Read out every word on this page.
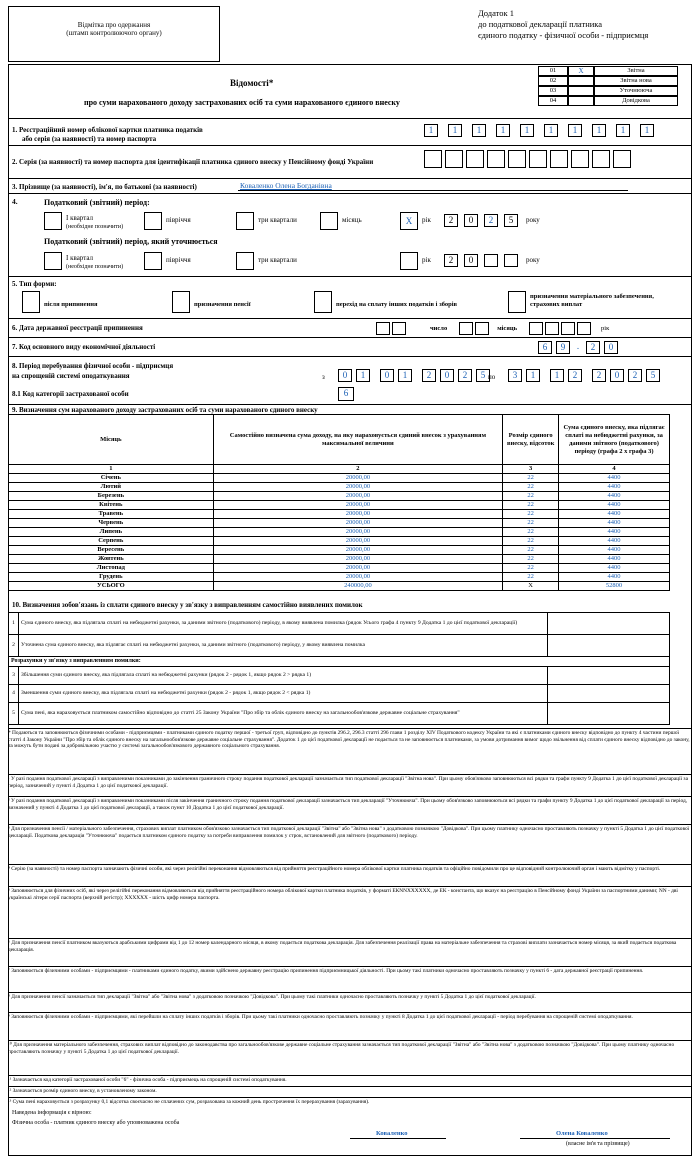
Відмітка про одержання
(штамп контролюючого органу)
Додаток 1
до податкової декларації платника
єдиного податку - фізичної особи - підприємця
Відомості*
про суми нарахованого доходу застрахованих осіб та суми нарахованого єдиного внеску
01	X	Звітна
02	Звітна нова
03	Уточнююча
04	Довідкова
1. Реєстраційний номер облікової картки платника податків
або серія (за наявності) та номер паспорта
1	1	1	1	1	1	1	1	1	1
2. Серія (за наявності) та номер паспорта для ідентифікації платника єдиного внеску у Пенсійному фонді України
3. Прізвище (за наявності), ім'я, по батькові (за наявності)	Коваленко Олена Богданівна
4.	Податковий (звітний) період:
I квартал
(необхідне позначити)
півріччя	три квартали	місяць	X	рік	2	0	2	5	року
Податковий (звітний) період, який уточнюється
I квартал
(необхідне позначити)
півріччя	три квартали	рік	2	0	року
5. Тип форми:
після припинення	призначення пенсії	перехід на сплату інших податків і зборів
призначення матеріального забезпечення, страхових виплат
6. Дата державної реєстрації припинення	число	місяць	рік
7. Код основного виду економічної діяльності	6	9	.	2	0
8. Період перебування фізичної особи - підприємця
на спрощеній системі оподаткування	з	0	1	0	1	2	0	2	5 по	3	1	1	2	2	0	2	5
8.1 Код категорії застрахованої особи	6
9. Визначення сум нарахованого доходу застрахованих осіб та суми нарахованого єдиного внеску
Місяць	Самостійно визначена сума доходу, на яку нараховується єдиний внесок з урахуванням максимальної величини	Розмір єдиного внеску, відсоток	Сума єдиного внеску, яка підлягає сплаті на небюджетні рахунки, за даними звітного (податкового) періоду (графа 2 х графа 3)
1	2	3	4
Січень	20000,00	22	4400
Лютий	20000,00	22	4400
Березень	20000,00	22	4400
Квітень	20000,00	22	4400
Травень	20000,00	22	4400
Червень	20000,00	22	4400
Липень	20000,00	22	4400
Серпень	20000,00	22	4400
Вересень	20000,00	22	4400
Жовтень	20000,00	22	4400
Листопад	20000,00	22	4400
Грудень	20000,00	22	4400
УСЬОГО	240000,00	X	52800
10. Визначення зобов'язань із сплати єдиного внеску у зв'язку з виправленням самостійно виявлених помилок
1	Сума єдиного внеску, яка підлягала сплаті на небюджетні рахунки, за даними звітного (податкового) періоду, в якому виявлена помилка (рядок Усього графа 4 пункту 9 Додатка 1 до цієї податкової декларації)	
2	Уточнена сума єдиного внеску, яка підлягає сплаті на небюджетні рахунки, за даними звітного (податкового) періоду, у якому виявлена помилка	
Розрахунки у зв'язку з виправленням помилки:		
3	Збільшення суми єдиного внеску, яка підлягала сплаті на небюджетні рахунки (рядок 2 - рядок 1, якщо рядок 2 > рядка 1)	
4	Зменшення суми єдиного внеску, яка підлягала сплаті на небюджетні рахунки (рядок 2 - рядок 1, якщо рядок 2 < рядка 1)	
5	Сума пені, яка нараховується платником самостійно відповідно до статті 25 Закону України "Про збір та облік єдиного внеску на загальнообов'язкове державне соціальне страхування"	
* Подаються та заповнюються фізичними особами - підприємцями - платниками єдиного податку першої - третьої груп, відповідно до пунктів 296.2, 296.3 статті 296 глави 1 розділу XIV Податкового кодексу України та які є платниками єдиного внеску відповідно до пункту 4 частини першої статті 4 Закону України "Про збір та облік єдиного внеску на загальнообов'язкове державне соціальне страхування". Додаток 1 до цієї податкової декларації не подається та не заповнюється платниками, за умови дотримання вимог щодо звільнення від сплати єдиного внеску відповідно до закону, та можуть бути подані за добровільною участю у системі загальнообов'язкового державного соціального страхування.
¹ У разі подання податкової декларації з виправленими показниками до закінчення граничного строку подання податкової декларації зазначається тип податкової декларації "Звітна нова". При цьому обов'язково заповнюються всі рядки та графи пункту 9 Додатка 1 до цієї податкової декларації за період, зазначений у пункті 4 Додатка 1 до цієї податкової декларації.
² У разі подання податкової декларації з виправленими показниками після закінчення граничного строку подання податкової декларації зазначається тип декларації "Уточнююча". При цьому обов'язково заповнюються всі рядки та графи пункту 9 Додатка 1 до цієї податкової декларації за період, визначений у пункті 4 Додатка 1 до цієї податкової декларації, а також пункт 10 Додатка 1 до цієї податкової декларації.
³ Для призначення пенсії / матеріального забезпечення, страхових виплат платником обов'язково зазначається тип податкової декларації "Звітна" або "Звітна нова" з додатковою позначкою "Довідкова". При цьому платнику одночасно проставляють позначку у пункті 5 Додатка 1 до цієї податкової декларації. Податкова декларація "Уточнююча" подається платником єдиного податку за потреби виправлення помилок у строк, встановлений для звітного (податкового) періоду.
⁴ Серію (за наявності) та номер паспорта зазначають фізичні особи, які через релігійні переконання відмовляються від прийняття реєстраційного номера облікової картки платника податків та офіційно повідомили про це відповідний контролюючий орган і мають відмітку у паспорті.
⁵ Заповнюється для фізичних осіб, які через релігійні переконання відмовляються від прийняття реєстраційного номера облікової картки платника податків, у форматі ЕКNNXXXXXX, де ЕК - константа, що вказує на реєстрацію в Пенсійному фонді України за паспортними даними; NN - дві українські літери серії паспорта (верхній регістр); XXXXXX - шість цифр номера паспорта.
⁶ Для призначення пенсії платником вказуються арабськими цифрами від 1 до 12 номер календарного місяця, в якому подається податкова декларація. Для забезпечення реалізації права на матеріальне забезпечення та страхові виплати зазначається номер місяця, за який подається податкова декларація.
⁷ Заповнюється фізичними особами - підприємцями - платниками єдиного податку, якими здійснено державну реєстрацію припинення підприємницької діяльності. При цьому такі платники одночасно проставляють позначку у пункті 6 - дата державної реєстрації припинення.
⁸ Для призначення пенсії зазначається тип декларації "Звітна" або "Звітна нова" з додатковою позначкою "Довідкова". При цьому такі платники одночасно проставляють позначку у пункті 5 Додатка 1 до цієї податкової декларації.
⁹ Заповнюється фізичними особами - підприємцями, які перейшли на сплату інших податків і зборів. При цьому такі платники одночасно проставляють позначку у пункті 8 Додатка 1 до цієї податкової декларації - період перебування на спрощеній системі оподаткування.
¹⁰ Для призначення матеріального забезпечення, страхових виплат відповідно до законодавства про загальнообов'язкове державне соціальне страхування зазначається тип податкової декларації "Звітна" або "Звітна нова" з додатковою позначкою "Довідкова". При цьому платнику одночасно проставляють позначку у пункті 5 Додатка 1 до цієї податкової декларації.
¹¹ Зазначається код категорії застрахованої особи "6" - фізична особа - підприємець на спрощеній системі оподаткування.
¹² Зазначається розмір єдиного внеску, в установленому законом.
¹³ Сума пені нараховується з розрахунку 0,1 відсотка своєчасно не сплачених сум, розрахована за кожний день прострочення їх перерахування (зарахування).
Наведена інформація є вірною:
Фізична особа - платник єдиного внеску або уповноважена особа
Коваленко	Олена Коваленко
(власне ім'я та прізвище)
